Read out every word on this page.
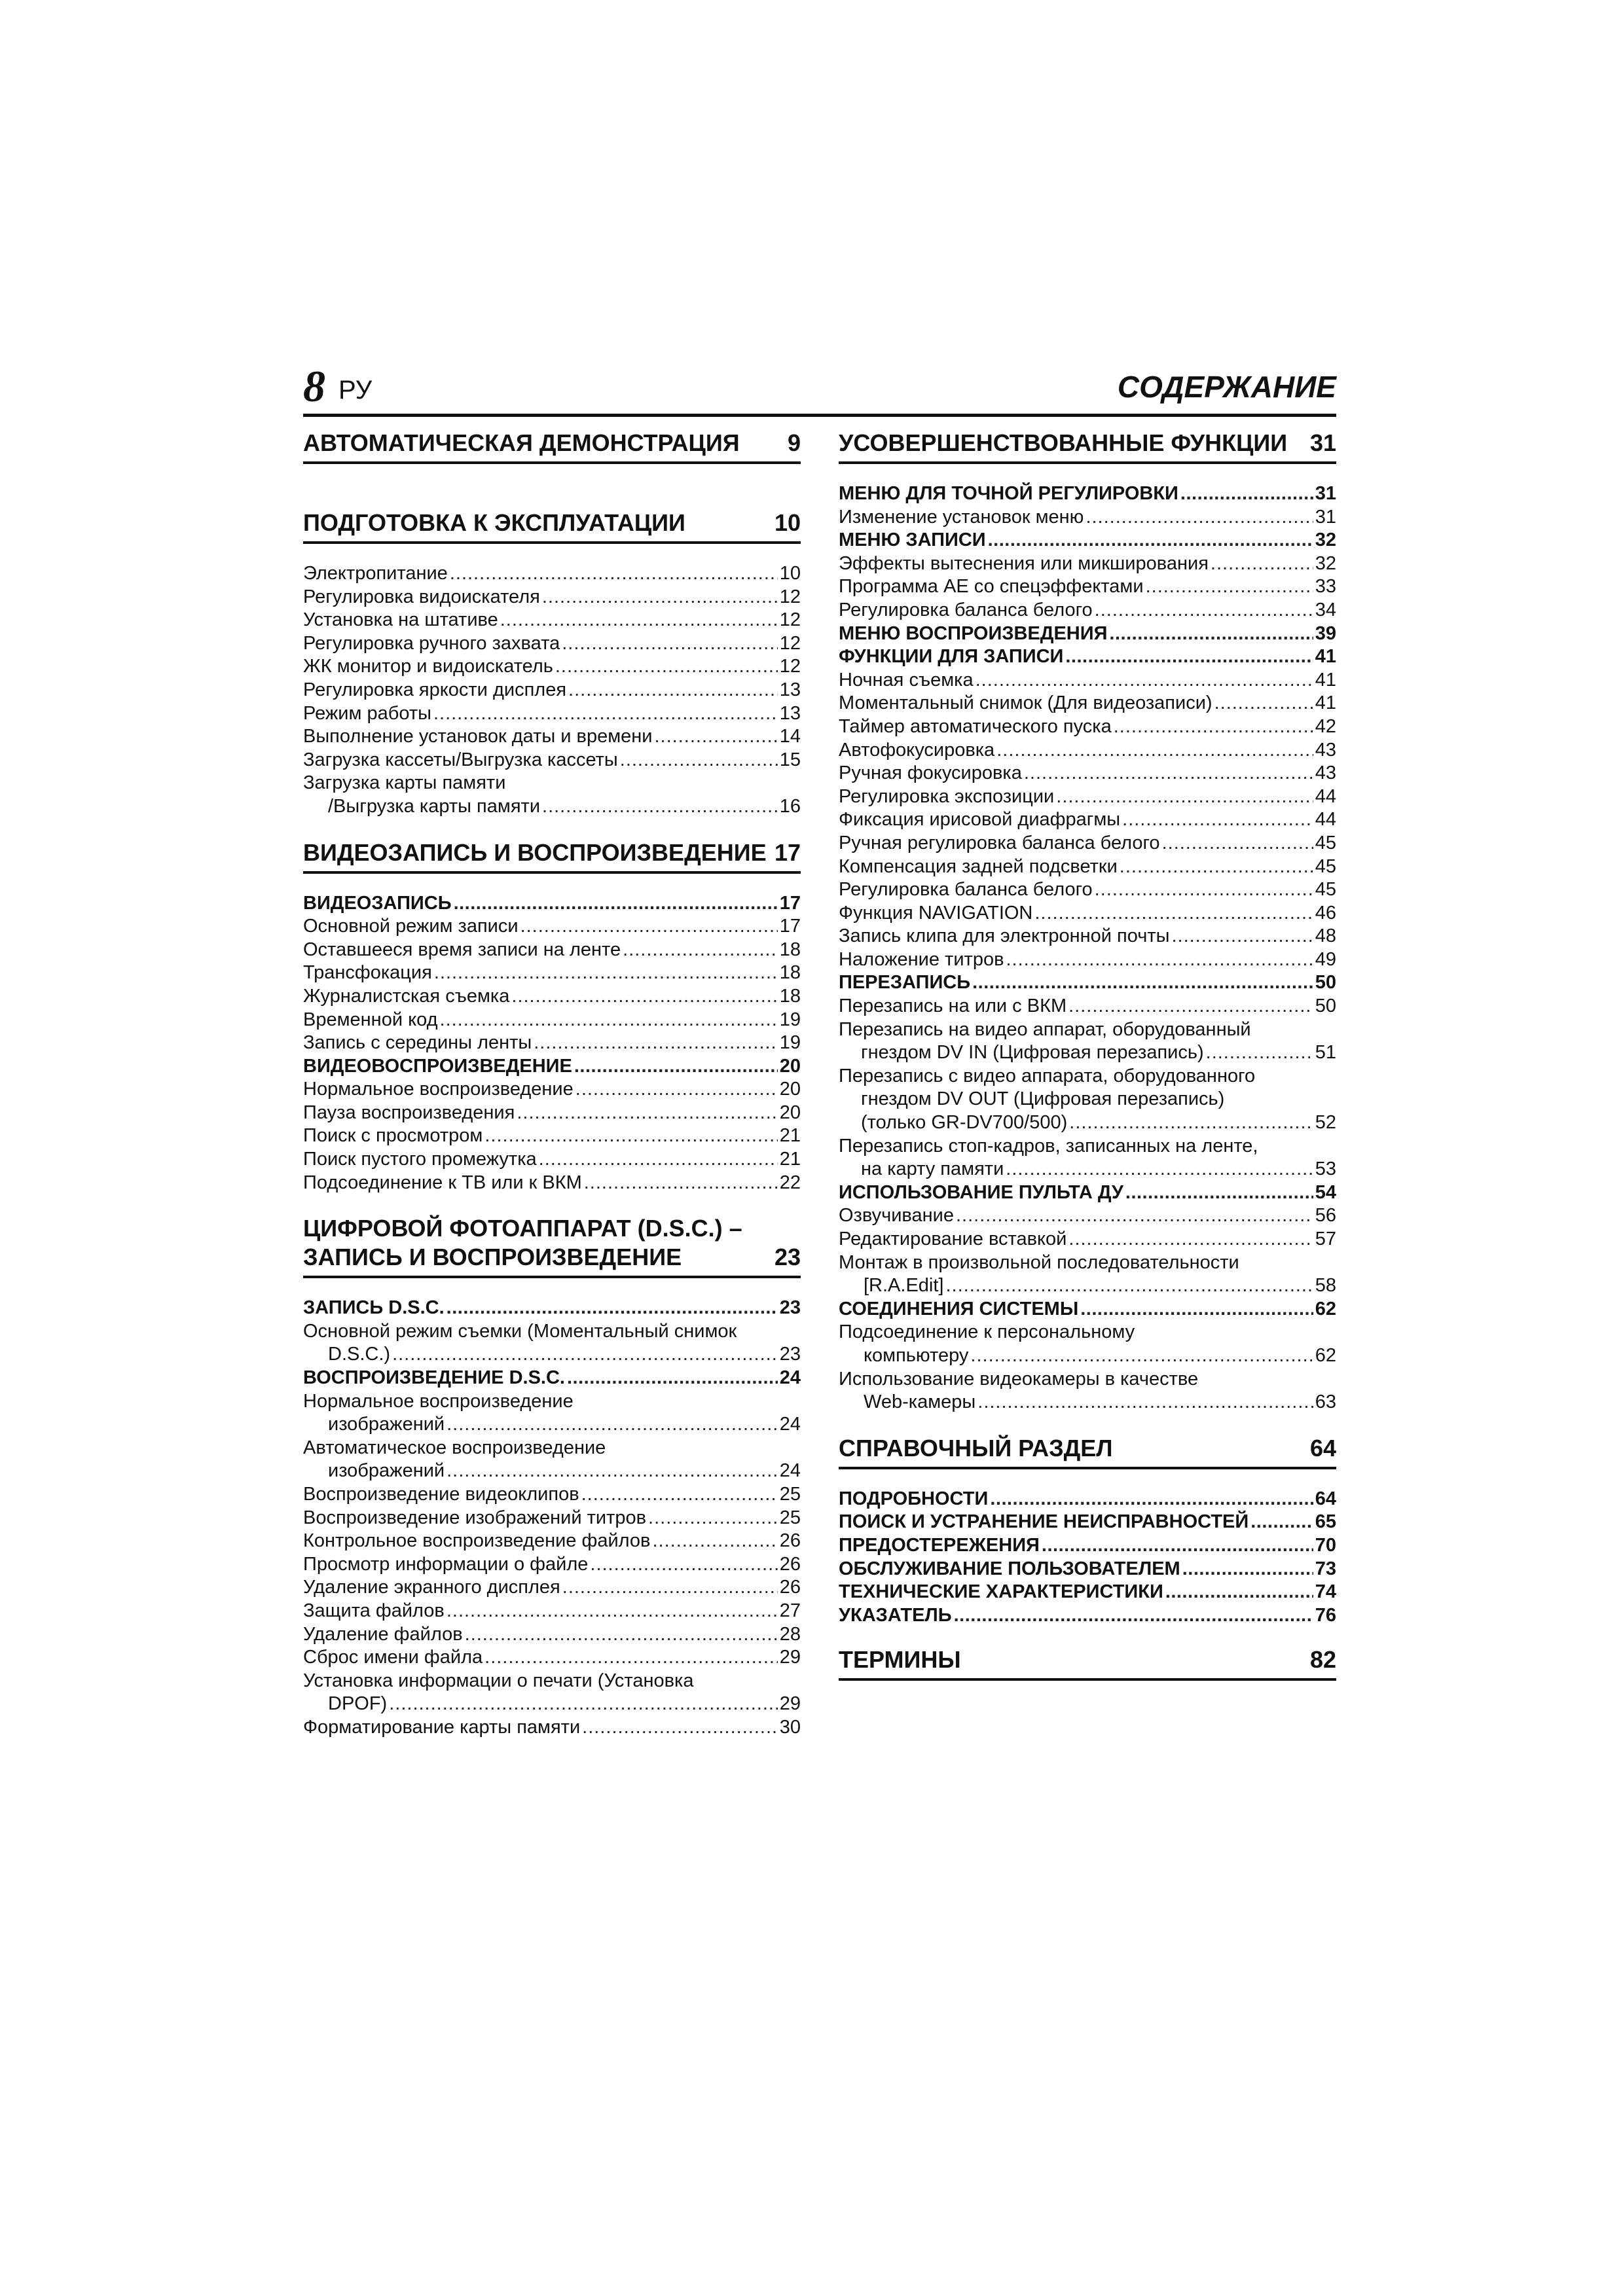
8 РУ	СОДЕРЖАНИЕ
АВТОМАТИЧЕСКАЯ ДЕМОНСТРАЦИЯ 9
ПОДГОТОВКА К ЭКСПЛУАТАЦИИ	10
Электропитание .....	10
Регулировка видоискателя .....	12
Установка на штативе .....	12
Регулировка ручного захвата .....	12
ЖК монитор и видоискатель .....	12
Регулировка яркости дисплея .....	13
Режим работы .....	13
Выполнение установок даты и времени .....	14
Загрузка кассеты/Выгрузка кассеты .....	15
Загрузка карты памяти
/Выгрузка карты памяти .....	16
ВИДЕОЗАПИСЬ И ВОСПРОИЗВЕДЕНИЕ 17
ВИДЕОЗАПИСЬ .....	17
Основной режим записи .....	17
Оставшееся время записи на ленте .....	18
Трансфокация .....	18
Журналистская съемка .....	18
Временной код .....	19
Запись с середины ленты .....	19
ВИДЕОВОСПРОИЗВЕДЕНИЕ .....	20
Нормальное воспроизведение .....	20
Пауза воспроизведения .....	20
Поиск с просмотром .....	21
Поиск пустого промежутка .....	21
Подсоединение к ТВ или к ВКМ .....	22
ЦИФРОВОЙ ФОТОАППАРАТ (D.S.C.) –
ЗАПИСЬ И ВОСПРОИЗВЕДЕНИЕ	23
ЗАПИСЬ D.S.C. .....	23
Основной режим съемки (Моментальный снимок
D.S.C.) .....	23
ВОСПРОИЗВЕДЕНИЕ D.S.C. .....	24
Нормальное воспроизведение
изображений .....	24
Автоматическое воспроизведение
изображений .....	24
Воспроизведение видеоклипов .....	25
Воспроизведение изображений титров .....	25
Контрольное воспроизведение файлов .....	26
Просмотр информации о файле .....	26
Удаление экранного дисплея .....	26
Защита файлов .....	27
Удаление файлов .....	28
Сброс имени файла .....	29
Установка информации о печати (Установка
DPOF) .....	29
Форматирование карты памяти .....	30
УСОВЕРШЕНСТВОВАННЫЕ ФУНКЦИИ 31
МЕНЮ ДЛЯ ТОЧНОЙ РЕГУЛИРОВКИ .....	31
Изменение установок меню .....	31
МЕНЮ ЗАПИСИ .....	32
Эффекты вытеснения или микширования .....	32
Программа AE со спецэффектами .....	33
Регулировка баланса белого .....	34
МЕНЮ ВОСПРОИЗВЕДЕНИЯ .....	39
ФУНКЦИИ ДЛЯ ЗАПИСИ .....	41
Ночная съемка .....	41
Моментальный снимок (Для видеозаписи) .....	41
Таймер автоматического пуска .....	42
Автофокусировка .....	43
Ручная фокусировка .....	43
Регулировка экспозиции .....	44
Фиксация ирисовой диафрагмы .....	44
Ручная регулировка баланса белого .....	45
Компенсация задней подсветки .....	45
Регулировка баланса белого .....	45
Функция NAVIGATION .....	46
Запись клипа для электронной почты .....	48
Наложение титров .....	49
ПЕРЕЗАПИСЬ .....	50
Перезапись на или с ВКМ .....	50
Перезапись на видео аппарат, оборудованный
гнездом DV IN (Цифровая перезапись) .....	51
Перезапись с видео аппарата, оборудованного
гнездом DV OUT (Цифровая перезапись)
(только GR-DV700/500) .....	52
Перезапись стоп-кадров, записанных на ленте,
на карту памяти .....	53
ИСПОЛЬЗОВАНИЕ ПУЛЬТА ДУ .....	54
Озвучивание .....	56
Редактирование вставкой .....	57
Монтаж в произвольной последовательности
[R.A.Edit] .....	58
СОЕДИНЕНИЯ СИСТЕМЫ .....	62
Подсоединение к персональному
компьютеру .....	62
Использование видеокамеры в качестве
Web-камеры .....	63
СПРАВОЧНЫЙ РАЗДЕЛ	64
ПОДРОБНОСТИ .....	64
ПОИСК И УСТРАНЕНИЕ НЕИСПРАВНОСТЕЙ .....	65
ПРЕДОСТЕРЕЖЕНИЯ .....	70
ОБСЛУЖИВАНИЕ ПОЛЬЗОВАТЕЛЕМ .....	73
ТЕХНИЧЕСКИЕ ХАРАКТЕРИСТИКИ .....	74
УКАЗАТЕЛЬ .....	76
ТЕРМИНЫ	82
